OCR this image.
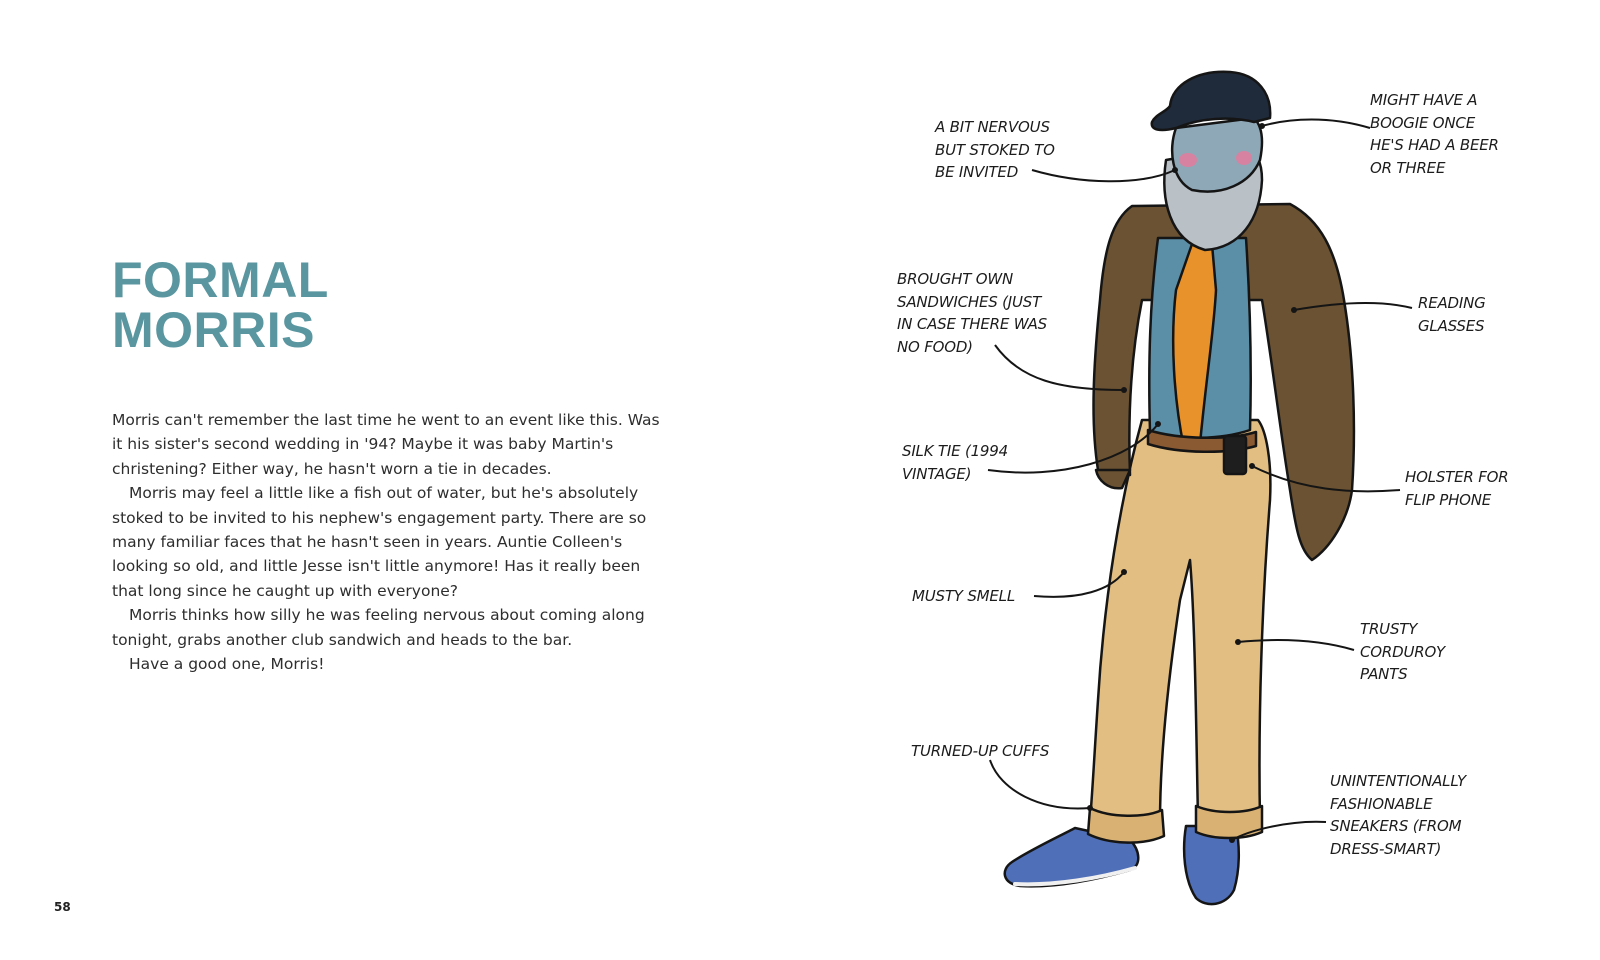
FORMAL
MORRIS

Morris can't remember the last time he went to an event like this. Was it his sister's second wedding in '94? Maybe it was baby Martin's christening? Either way, he hasn't worn a tie in decades.

Morris may feel a little like a fish out of water, but he's absolutely stoked to be invited to his nephew's engagement party. There are so many familiar faces that he hasn't seen in years. Auntie Colleen's looking so old, and little Jesse isn't little anymore! Has it really been that long since he caught up with everyone?

Morris thinks how silly he was feeling nervous about coming along tonight, grabs another club sandwich and heads to the bar.

Have a good one, Morris!

58
A BIT NERVOUS
BUT STOKED TO
BE INVITED
MIGHT HAVE A
BOOGIE ONCE
HE'S HAD A BEER
OR THREE
BROUGHT OWN
SANDWICHES (JUST
IN CASE THERE WAS
NO FOOD)
READING
GLASSES
SILK TIE (1994
VINTAGE)	HOLSTER FOR
FLIP PHONE
MUSTY SMELL
TRUSTY
CORDUROY
PANTS
TURNED-UP CUFFS
UNINTENTIONALLY
FASHIONABLE
SNEAKERS (FROM
DRESS-SMART)
